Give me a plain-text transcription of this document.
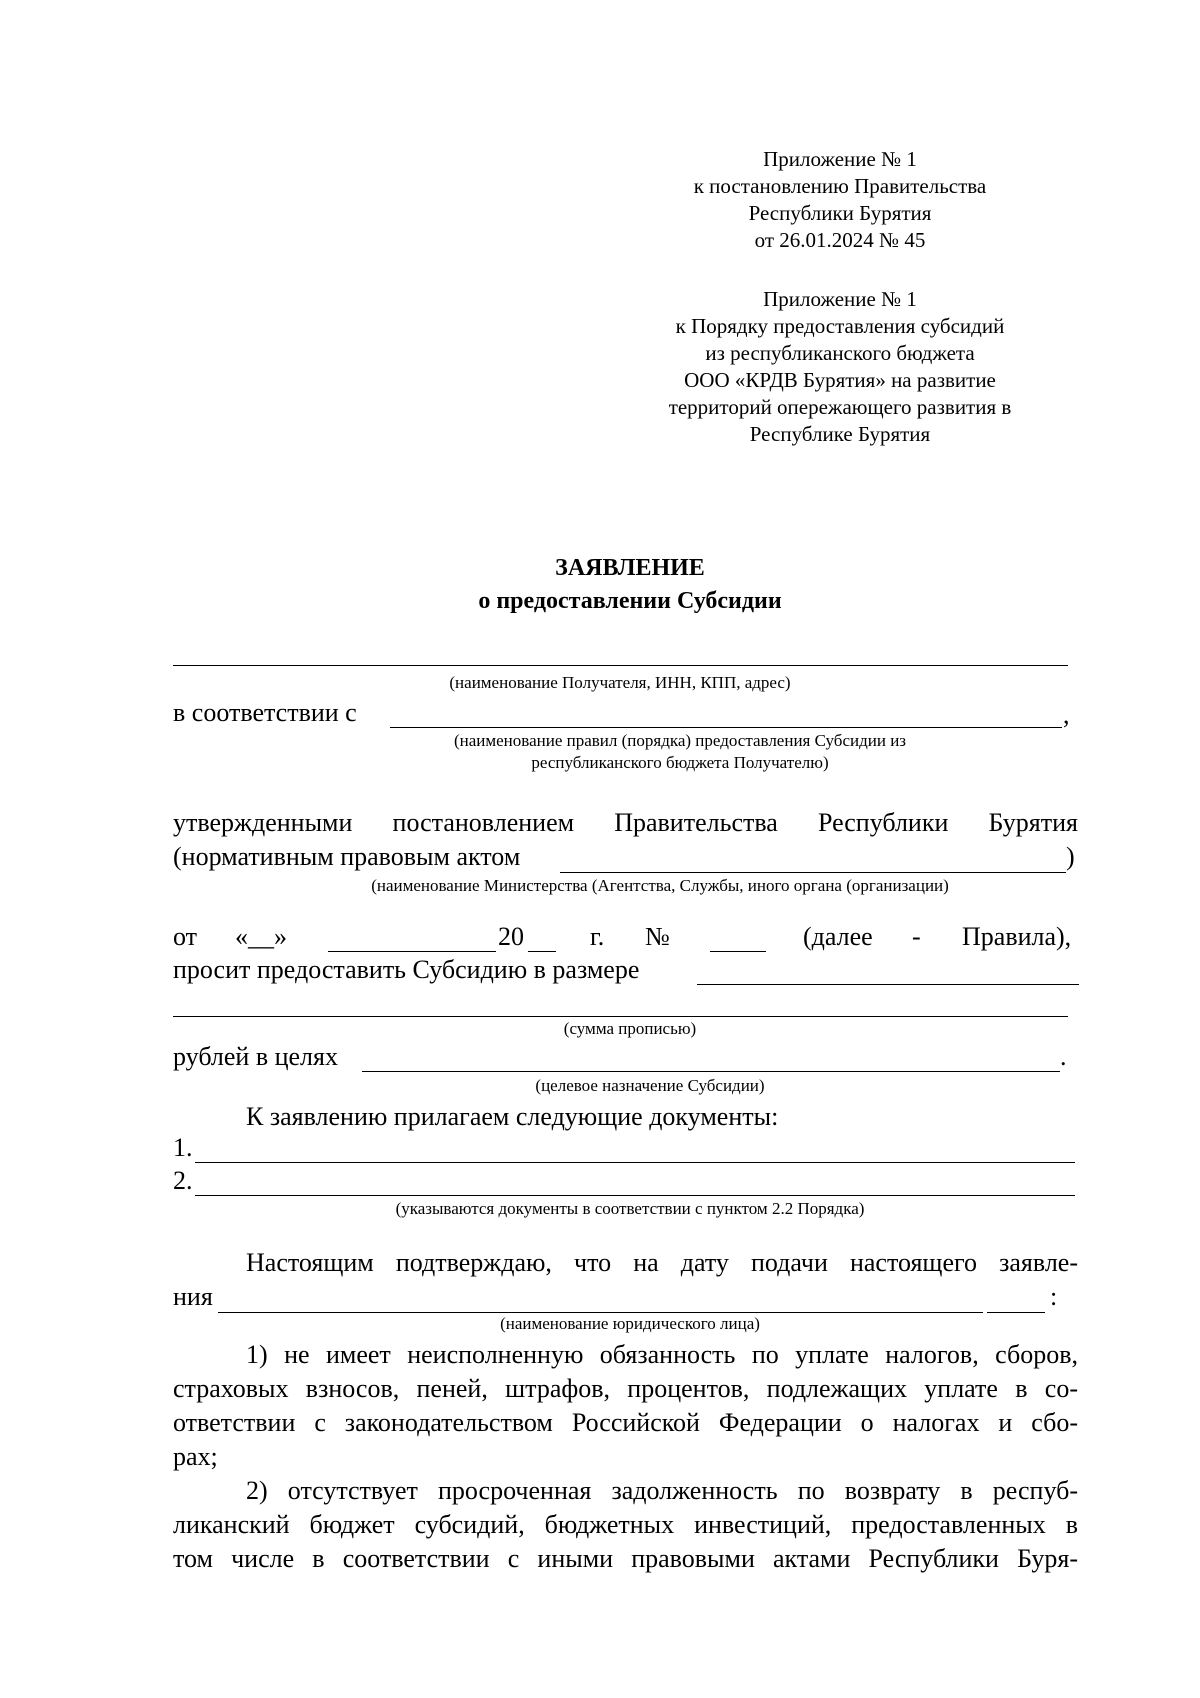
Приложение № 1
к постановлению Правительства
Республики Бурятия
от 26.01.2024 № 45
Приложение № 1
к Порядку предоставления субсидий
из республиканского бюджета
ООО «КРДВ Бурятия» на развитие
территорий опережающего развития в
Республике Бурятия
ЗАЯВЛЕНИЕ
о предоставлении Субсидии
(наименование Получателя, ИНН, КПП, адрес)
в соответствии с	,
(наименование правил (порядка) предоставления Субсидии из
республиканского бюджета Получателю)
утвержденными постановлением Правительства Республики Бурятия
(нормативным правовым актом	)
(наименование Министерства (Агентства, Службы, иного органа (организации)
от «__»	20	г. №	(далее - Правила),
просит предоставить Субсидию в размере
(сумма прописью)
рублей в целях	.
(целевое назначение Субсидии)
К заявлению прилагаем следующие документы:
1.
2.
(указываются документы в соответствии с пунктом 2.2 Порядка)
Настоящим подтверждаю, что на дату подачи настоящего заявле-
ния	:
(наименование юридического лица)
1) не имеет неисполненную обязанность по уплате налогов, сборов,
страховых взносов, пеней, штрафов, процентов, подлежащих уплате в со-
ответствии с законодательством Российской Федерации о налогах и сбо-
рах;
2) отсутствует просроченная задолженность по возврату в респуб-
ликанский бюджет субсидий, бюджетных инвестиций, предоставленных в
том числе в соответствии с иными правовыми актами Республики Буря-
